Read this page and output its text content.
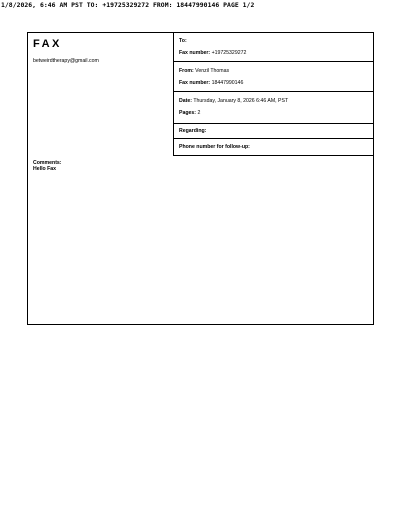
1/8/2026, 6:46 AM PST TO: +19725329272 FROM: 18447990146 PAGE 1/2
FAX
betweirdtherapy@gmail.com
To:
Fax number: +19725329272
From: Venzil Thomas
Fax number: 18447990146
Date: Thursday, January 8, 2026 6:46 AM, PST
Pages: 2
Regarding:
Phone number for follow-up:
Comments:
Hello Fax
